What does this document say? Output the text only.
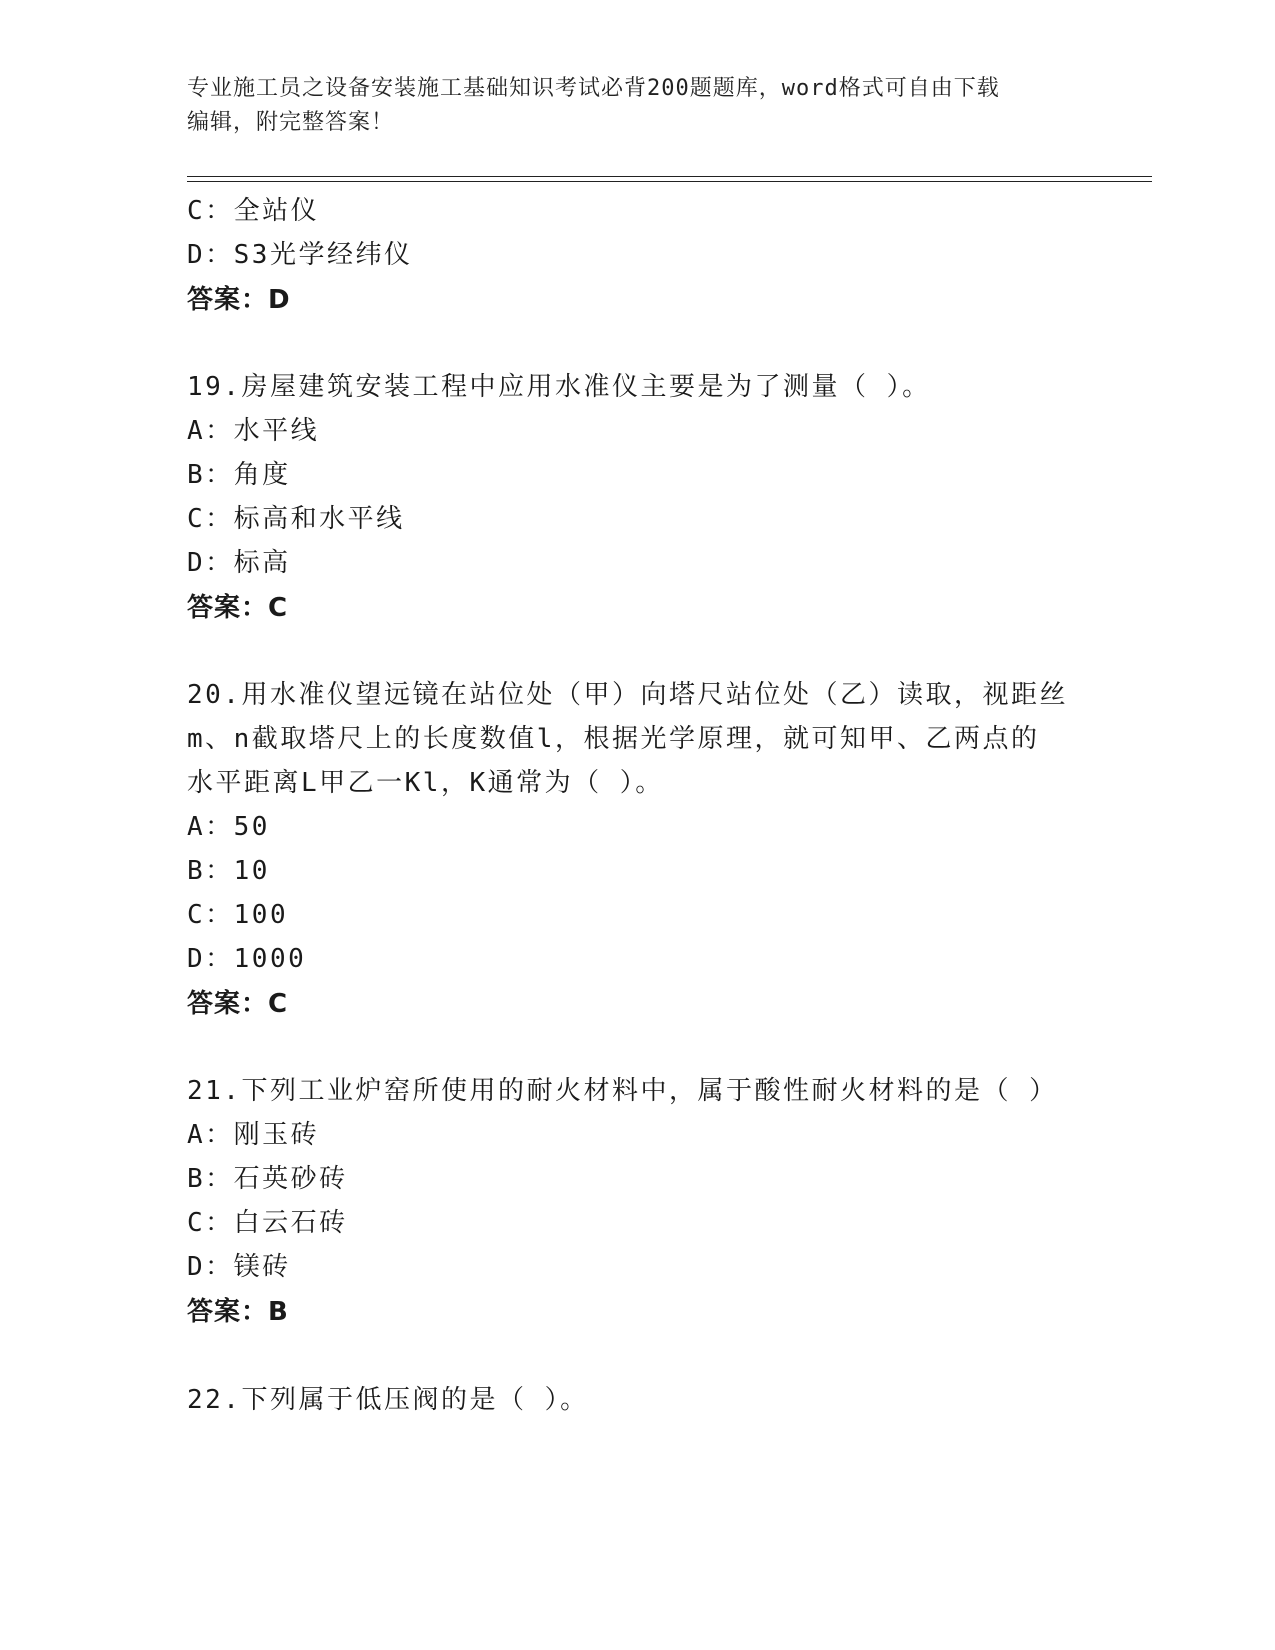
专业施工员之设备安装施工基础知识考试必背200题题库，word格式可自由下载
编辑，附完整答案！
C：全站仪
D：S3光学经纬仪
答案：D
19.房屋建筑安装工程中应用水准仪主要是为了测量（ ）。
A：水平线
B：角度
C：标高和水平线
D：标高
答案：C
20.用水准仪望远镜在站位处（甲）向塔尺站位处（乙）读取，视距丝
m、n截取塔尺上的长度数值l，根据光学原理，就可知甲、乙两点的
水平距离L甲乙一Kl，K通常为（ ）。
A：50
B：10
C：100
D：1000
答案：C
21.下列工业炉窑所使用的耐火材料中，属于酸性耐火材料的是（ ）
A：刚玉砖
B：石英砂砖
C：白云石砖
D：镁砖
答案：B
22.下列属于低压阀的是（ ）。
